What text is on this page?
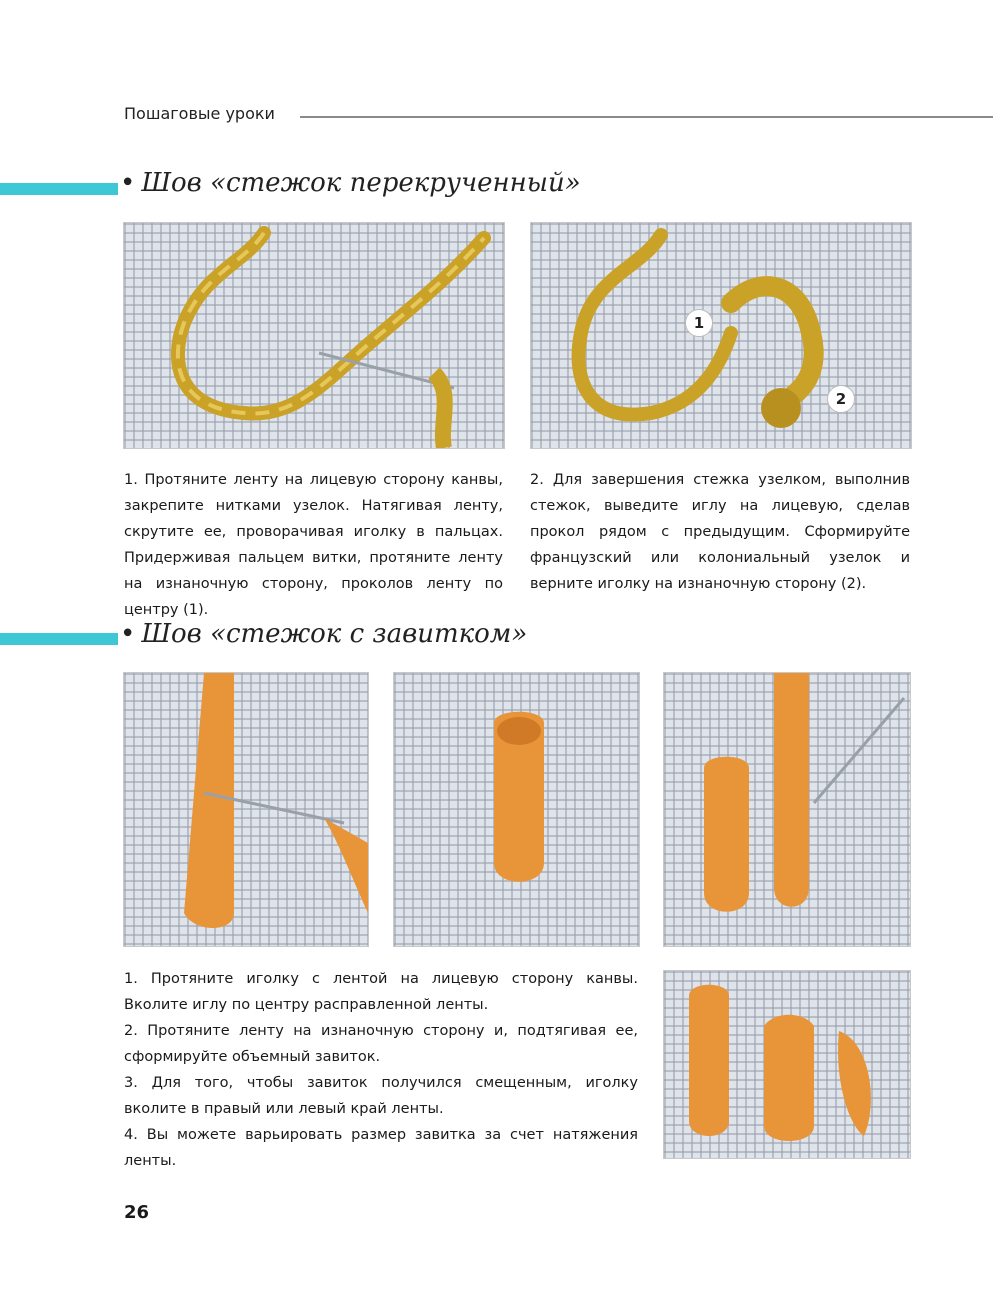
Пошаговые уроки
• Шов «стежок перекрученный»
1
2

1. Протяните ленту на лицевую сторону канвы, закрепите нитками узелок. Натягивая ленту, скрутите ее, проворачивая иголку в пальцах. Придерживая пальцем витки, протяните ленту на изнаночную сторону, проколов ленту по центру (1).

2. Для завершения стежка узелком, выполнив стежок, выведите иглу на лицевую, сделав прокол рядом с предыдущим. Сформируйте французский или колониальный узелок и верните иголку на изнаночную сторону (2).

• Шов «стежок с завитком»

1. Протяните иголку с лентой на лицевую сторону канвы. Вколите иглу по центру расправленной ленты.

2. Протяните ленту на изнаночную сторону и, подтягивая ее, сформируйте объемный завиток.

3. Для того, чтобы завиток получился смещенным, иголку вколите в правый или левый край ленты.

4. Вы можете варьировать размер завитка за счет натяжения ленты.

26
